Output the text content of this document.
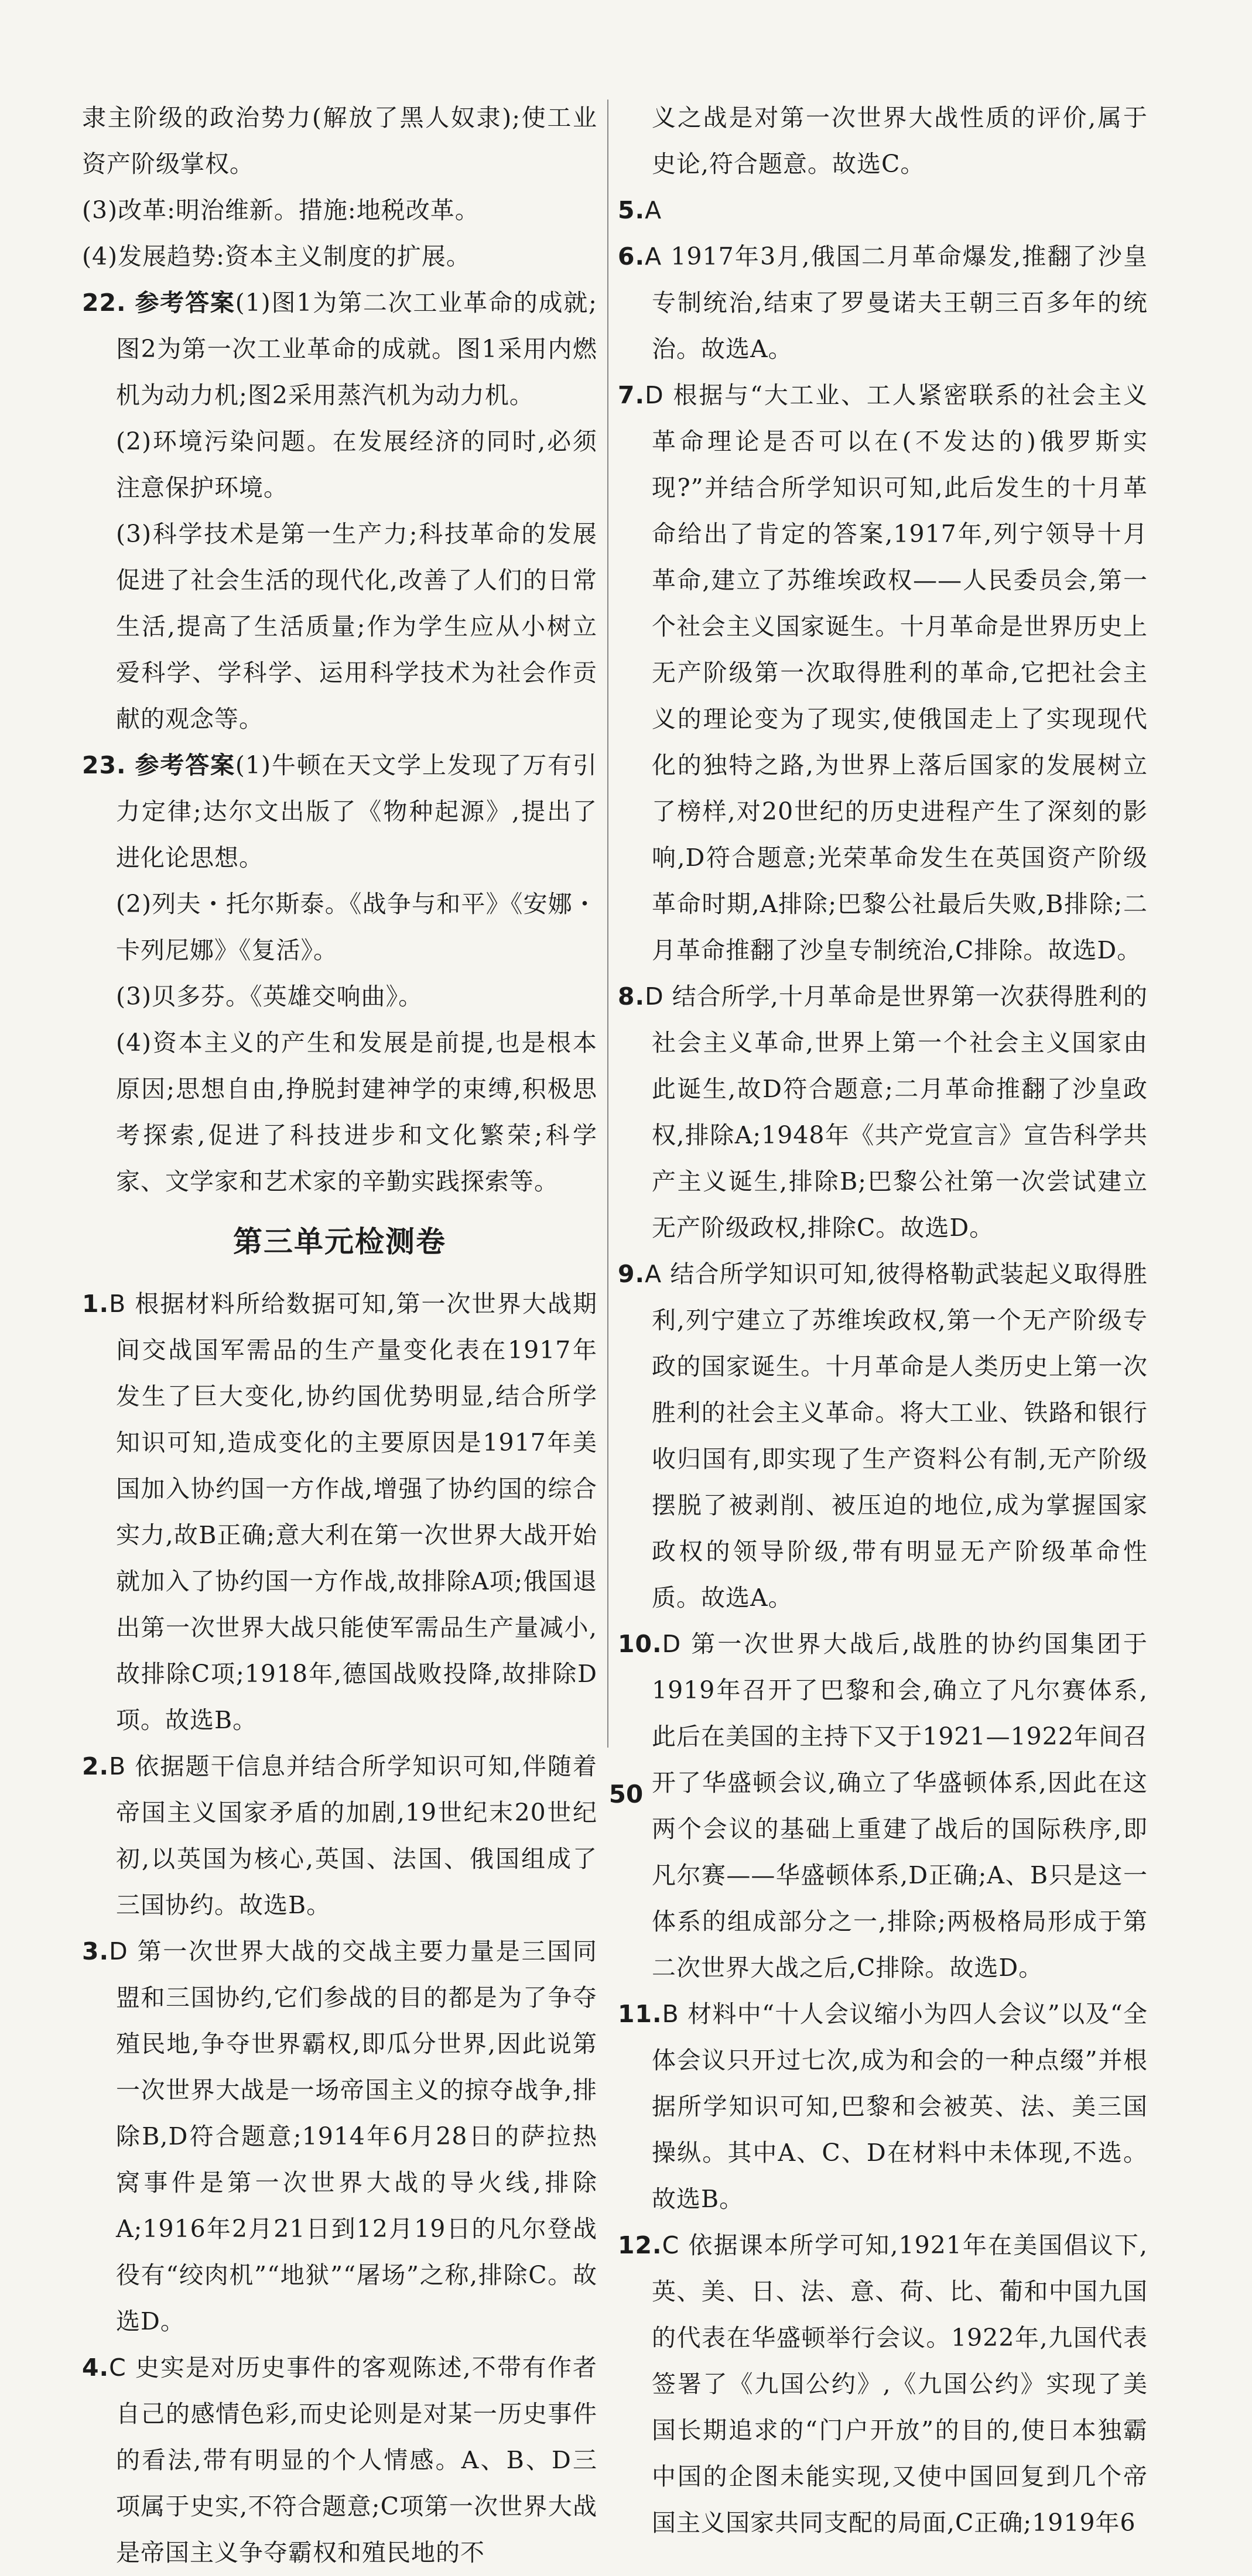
隶主阶级的政治势力(解放了黑人奴隶);使工业资产阶级掌权。

(3)改革:明治维新。措施:地税改革。

(4)发展趋势:资本主义制度的扩展。

22. 参考答案(1)图1为第二次工业革命的成就;图2为第一次工业革命的成就。图1采用内燃机为动力机;图2采用蒸汽机为动力机。

(2)环境污染问题。在发展经济的同时,必须注意保护环境。

(3)科学技术是第一生产力;科技革命的发展促进了社会生活的现代化,改善了人们的日常生活,提高了生活质量;作为学生应从小树立爱科学、学科学、运用科学技术为社会作贡献的观念等。

23. 参考答案(1)牛顿在天文学上发现了万有引力定律;达尔文出版了《物种起源》,提出了进化论思想。

(2)列夫・托尔斯泰。《战争与和平》《安娜・卡列尼娜》《复活》。

(3)贝多芬。《英雄交响曲》。

(4)资本主义的产生和发展是前提,也是根本原因;思想自由,挣脱封建神学的束缚,积极思考探索,促进了科技进步和文化繁荣;科学家、文学家和艺术家的辛勤实践探索等。

第三单元检测卷

1.B 根据材料所给数据可知,第一次世界大战期间交战国军需品的生产量变化表在1917年发生了巨大变化,协约国优势明显,结合所学知识可知,造成变化的主要原因是1917年美国加入协约国一方作战,增强了协约国的综合实力,故B正确;意大利在第一次世界大战开始就加入了协约国一方作战,故排除A项;俄国退出第一次世界大战只能使军需品生产量减小,故排除C项;1918年,德国战败投降,故排除D项。故选B。

2.B 依据题干信息并结合所学知识可知,伴随着帝国主义国家矛盾的加剧,19世纪末20世纪初,以英国为核心,英国、法国、俄国组成了三国协约。故选B。

3.D 第一次世界大战的交战主要力量是三国同盟和三国协约,它们参战的目的都是为了争夺殖民地,争夺世界霸权,即瓜分世界,因此说第一次世界大战是一场帝国主义的掠夺战争,排除B,D符合题意;1914年6月28日的萨拉热窝事件是第一次世界大战的导火线,排除A;1916年2月21日到12月19日的凡尔登战役有“绞肉机”“地狱”“屠场”之称,排除C。故选D。

4.C 史实是对历史事件的客观陈述,不带有作者自己的感情色彩,而史论则是对某一历史事件的看法,带有明显的个人情感。A、B、D三项属于史实,不符合题意;C项第一次世界大战是帝国主义争夺霸权和殖民地的不

义之战是对第一次世界大战性质的评价,属于史论,符合题意。故选C。

5.A

6.A 1917年3月,俄国二月革命爆发,推翻了沙皇专制统治,结束了罗曼诺夫王朝三百多年的统治。故选A。

7.D 根据与“大工业、工人紧密联系的社会主义革命理论是否可以在(不发达的)俄罗斯实现?”并结合所学知识可知,此后发生的十月革命给出了肯定的答案,1917年,列宁领导十月革命,建立了苏维埃政权——人民委员会,第一个社会主义国家诞生。十月革命是世界历史上无产阶级第一次取得胜利的革命,它把社会主义的理论变为了现实,使俄国走上了实现现代化的独特之路,为世界上落后国家的发展树立了榜样,对20世纪的历史进程产生了深刻的影响,D符合题意;光荣革命发生在英国资产阶级革命时期,A排除;巴黎公社最后失败,B排除;二月革命推翻了沙皇专制统治,C排除。故选D。

8.D 结合所学,十月革命是世界第一次获得胜利的社会主义革命,世界上第一个社会主义国家由此诞生,故D符合题意;二月革命推翻了沙皇政权,排除A;1948年《共产党宣言》宣告科学共产主义诞生,排除B;巴黎公社第一次尝试建立无产阶级政权,排除C。故选D。

9.A 结合所学知识可知,彼得格勒武装起义取得胜利,列宁建立了苏维埃政权,第一个无产阶级专政的国家诞生。十月革命是人类历史上第一次胜利的社会主义革命。将大工业、铁路和银行收归国有,即实现了生产资料公有制,无产阶级摆脱了被剥削、被压迫的地位,成为掌握国家政权的领导阶级,带有明显无产阶级革命性质。故选A。

10.D 第一次世界大战后,战胜的协约国集团于1919年召开了巴黎和会,确立了凡尔赛体系,此后在美国的主持下又于1921—1922年间召开了华盛顿会议,确立了华盛顿体系,因此在这两个会议的基础上重建了战后的国际秩序,即凡尔赛——华盛顿体系,D正确;A、B只是这一体系的组成部分之一,排除;两极格局形成于第二次世界大战之后,C排除。故选D。

11.B 材料中“十人会议缩小为四人会议”以及“全体会议只开过七次,成为和会的一种点缀”并根据所学知识可知,巴黎和会被英、法、美三国操纵。其中A、C、D在材料中未体现,不选。故选B。

12.C 依据课本所学可知,1921年在美国倡议下,英、美、日、法、意、荷、比、葡和中国九国的代表在华盛顿举行会议。1922年,九国代表签署了《九国公约》,《九国公约》实现了美国长期追求的“门户开放”的目的,使日本独霸中国的企图未能实现,又使中国回复到几个帝国主义国家共同支配的局面,C正确;1919年6

50
